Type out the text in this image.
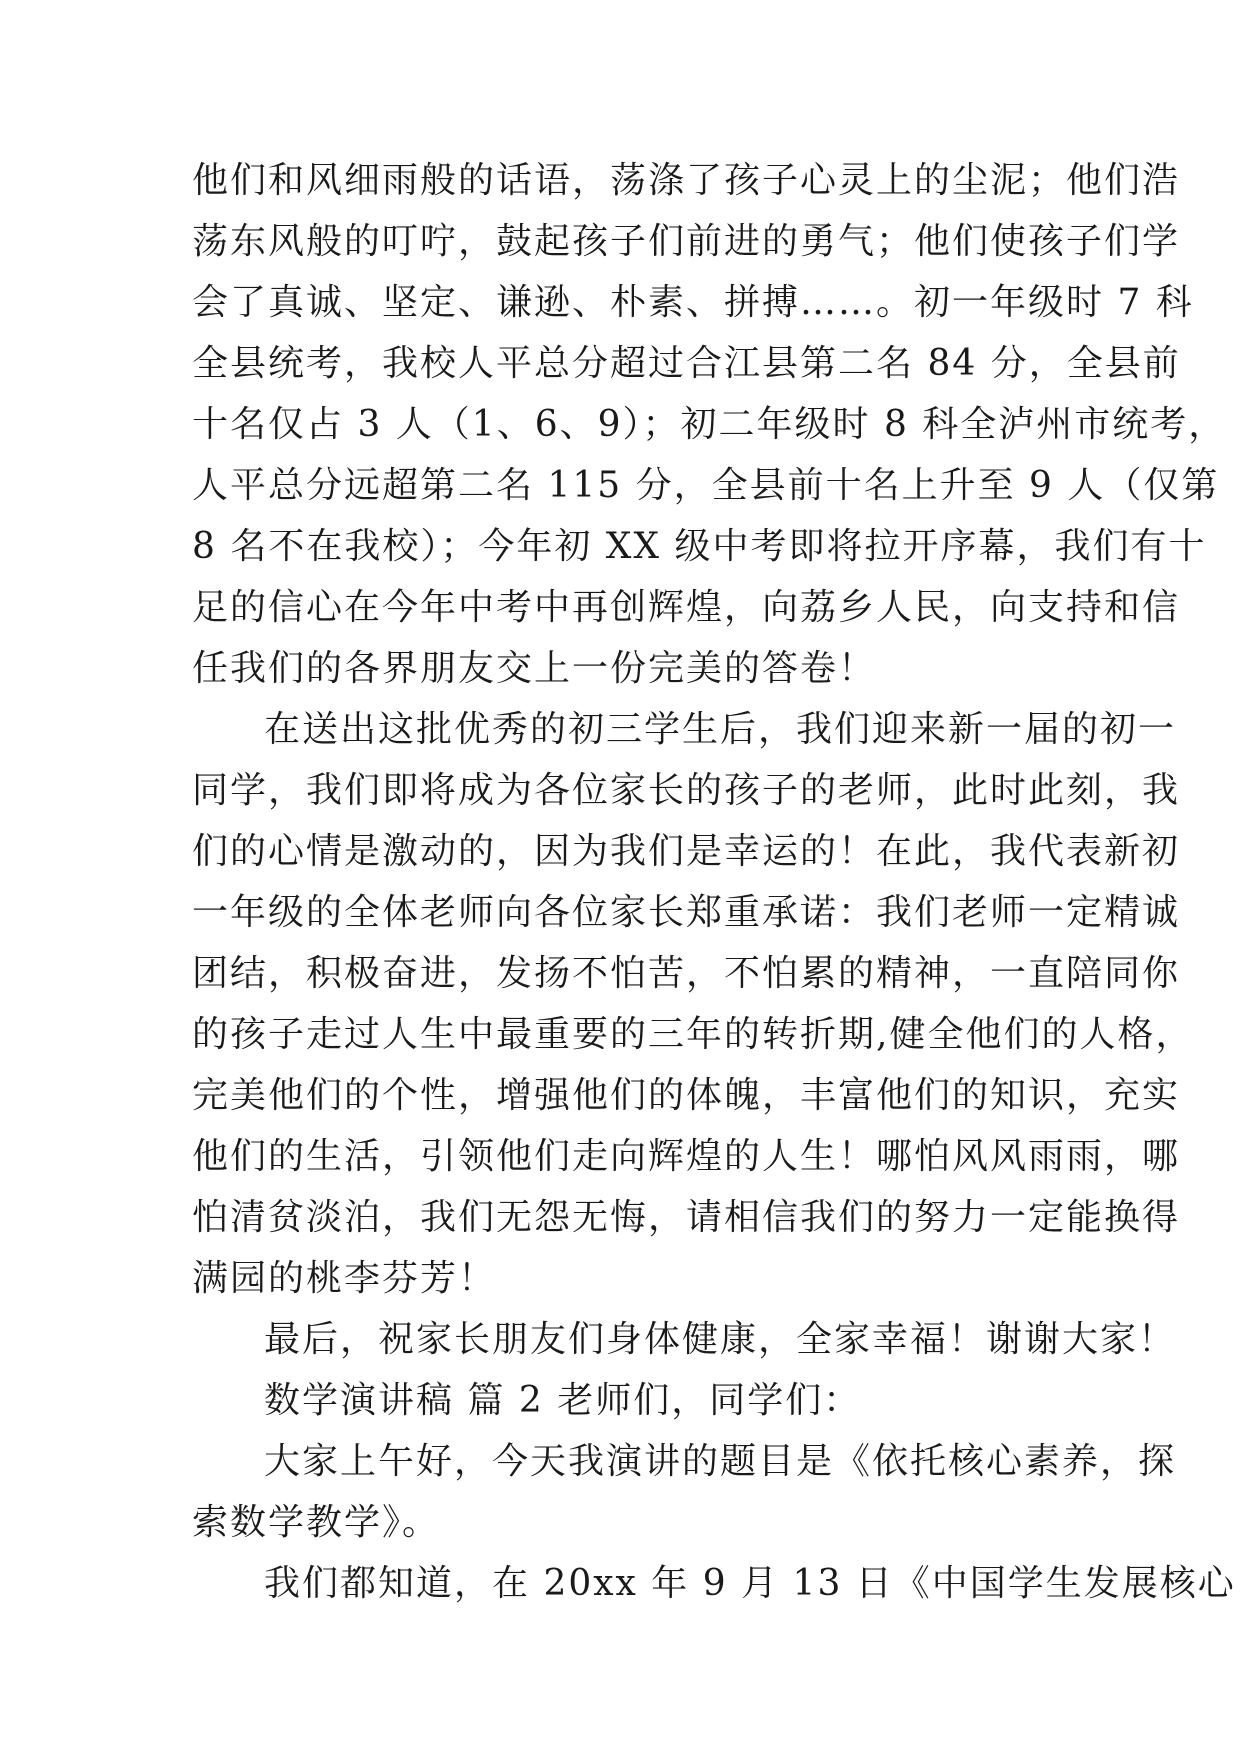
他们和风细雨般的话语，荡涤了孩子心灵上的尘泥；他们浩
荡东风般的叮咛，鼓起孩子们前进的勇气；他们使孩子们学
会了真诚、坚定、谦逊、朴素、拼搏……。初一年级时 7 科
全县统考，我校人平总分超过合江县第二名 84 分，全县前
十名仅占 3 人（1、6、9）；初二年级时 8 科全泸州市统考，
人平总分远超第二名 115 分，全县前十名上升至 9 人（仅第
8 名不在我校）；今年初 XX 级中考即将拉开序幕，我们有十
足的信心在今年中考中再创辉煌，向荔乡人民，向支持和信
任我们的各界朋友交上一份完美的答卷！

在送出这批优秀的初三学生后，我们迎来新一届的初一
同学，我们即将成为各位家长的孩子的老师，此时此刻，我
们的心情是激动的，因为我们是幸运的！在此，我代表新初
一年级的全体老师向各位家长郑重承诺：我们老师一定精诚
团结，积极奋进，发扬不怕苦，不怕累的精神，一直陪同你
的孩子走过人生中最重要的三年的转折期,健全他们的人格，
完美他们的个性，增强他们的体魄，丰富他们的知识，充实
他们的生活，引领他们走向辉煌的人生！哪怕风风雨雨，哪
怕清贫淡泊，我们无怨无悔，请相信我们的努力一定能换得
满园的桃李芬芳！

最后，祝家长朋友们身体健康，全家幸福！谢谢大家！

数学演讲稿 篇 2 老师们，同学们：

大家上午好，今天我演讲的题目是《依托核心素养，探
索数学教学》。

我们都知道，在 20xx 年 9 月 13 日《中国学生发展核心
